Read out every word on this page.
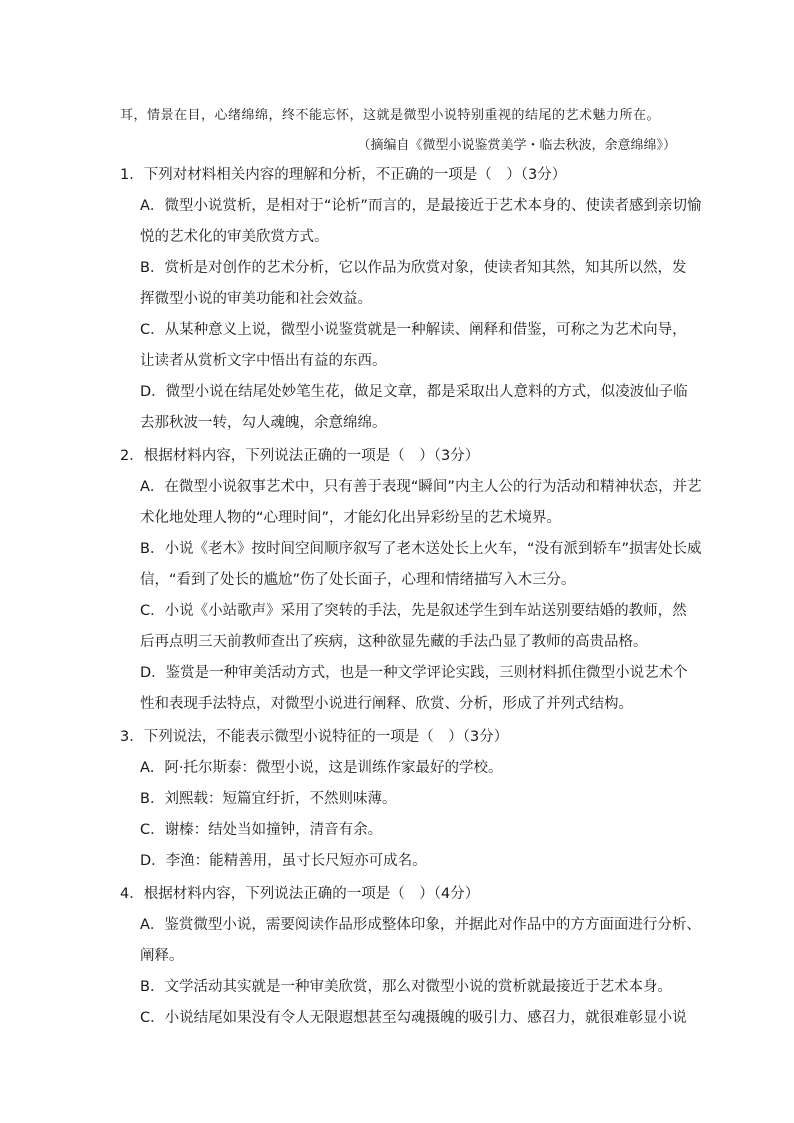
耳，情景在目，心绪绵绵，终不能忘怀，这就是微型小说特别重视的结尾的艺术魅力所在。
（摘编自《微型小说鉴赏美学・临去秋波，余意绵绵》）
1．下列对材料相关内容的理解和分析，不正确的一项是（　）（3分）
A．微型小说赏析，是相对于“论析”而言的，是最接近于艺术本身的、使读者感到亲切愉
悦的艺术化的审美欣赏方式。
B．赏析是对创作的艺术分析，它以作品为欣赏对象，使读者知其然，知其所以然，发
挥微型小说的审美功能和社会效益。
C．从某种意义上说，微型小说鉴赏就是一种解读、阐释和借鉴，可称之为艺术向导，
让读者从赏析文字中悟出有益的东西。
D．微型小说在结尾处妙笔生花，做足文章，都是采取出人意料的方式，似凌波仙子临
去那秋波一转，勾人魂魄，余意绵绵。
2．根据材料内容，下列说法正确的一项是（　）（3分）
A．在微型小说叙事艺术中，只有善于表现“瞬间”内主人公的行为活动和精神状态，并艺
术化地处理人物的“心理时间”，才能幻化出异彩纷呈的艺术境界。
B．小说《老木》按时间空间顺序叙写了老木送处长上火车，“没有派到轿车”损害处长威
信，“看到了处长的尴尬”伤了处长面子，心理和情绪描写入木三分。
C．小说《小站歌声》采用了突转的手法，先是叙述学生到车站送别要结婚的教师，然
后再点明三天前教师查出了疾病，这种欲显先藏的手法凸显了教师的高贵品格。
D．鉴赏是一种审美活动方式，也是一种文学评论实践，三则材料抓住微型小说艺术个
性和表现手法特点，对微型小说进行阐释、欣赏、分析，形成了并列式结构。
3．下列说法，不能表示微型小说特征的一项是（　）（3分）
A．阿·托尔斯泰：微型小说，这是训练作家最好的学校。
B．刘熙载：短篇宜纡折，不然则味薄。
C．谢榛：结处当如撞钟，清音有余。
D．李渔：能精善用，虽寸长尺短亦可成名。
4．根据材料内容，下列说法正确的一项是（　）（4分）
A．鉴赏微型小说，需要阅读作品形成整体印象，并据此对作品中的方方面面进行分析、
阐释。
B．文学活动其实就是一种审美欣赏，那么对微型小说的赏析就最接近于艺术本身。
C．小说结尾如果没有令人无限遐想甚至勾魂摄魄的吸引力、感召力，就很难彰显小说
